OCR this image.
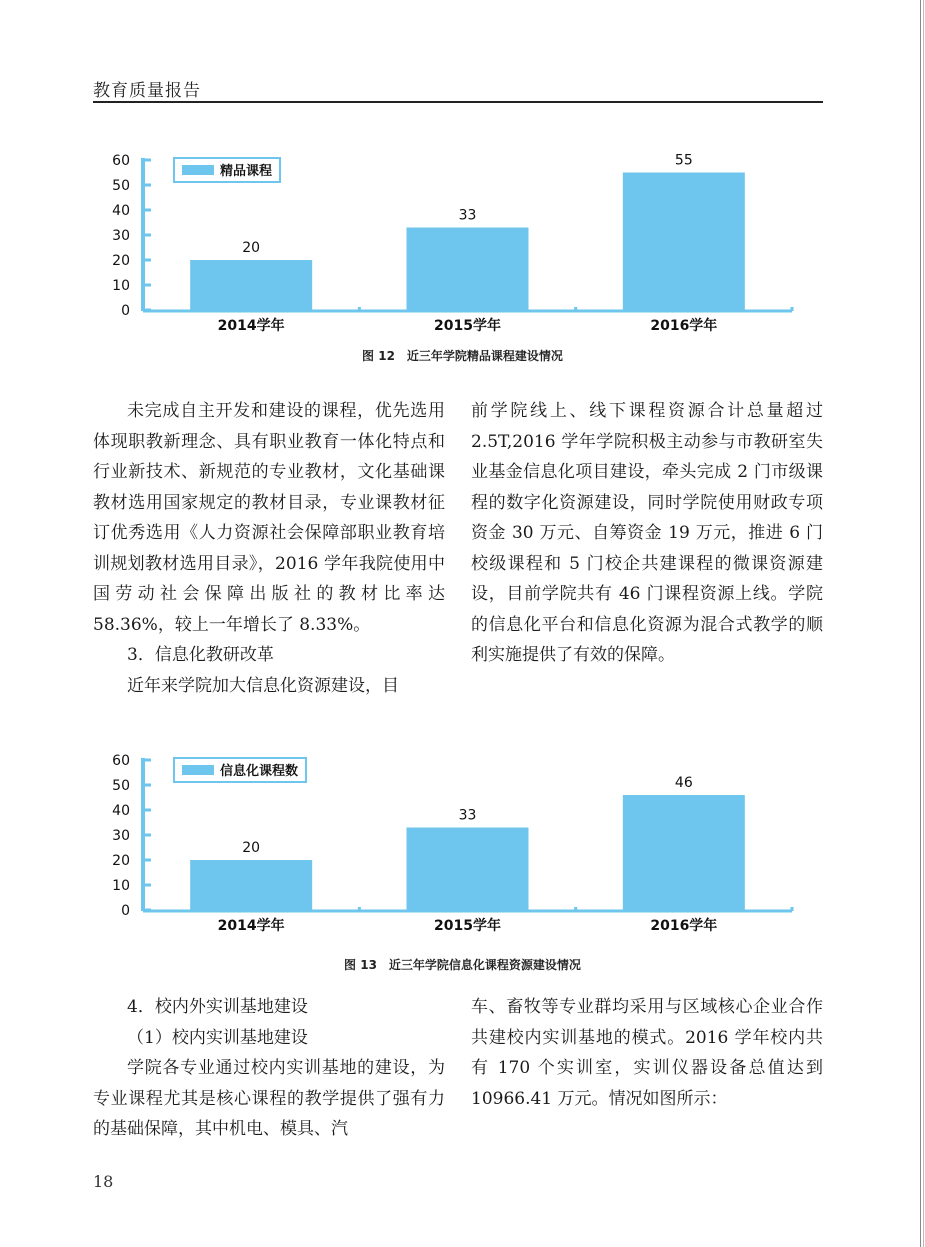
教育质量报告
0
10
20
30
40
50
60
20
2014学年
33
2015学年
55
2016学年
精品课程
图 12　近三年学院精品课程建设情况

未完成自主开发和建设的课程，优先选用体现职教新理念、具有职业教育一体化特点和行业新技术、新规范的专业教材，文化基础课教材选用国家规定的教材目录，专业课教材征订优秀选用《人力资源社会保障部职业教育培训规划教材选用目录》，2016 学年我院使用中国劳动社会保障出版社的教材比率达 58.36%，较上一年增长了 8.33%。

3．信息化教研改革

近年来学院加大信息化资源建设，目

前学院线上、线下课程资源合计总量超过 2.5T,2016 学年学院积极主动参与市教研室失业基金信息化项目建设，牵头完成 2 门市级课程的数字化资源建设，同时学院使用财政专项资金 30 万元、自筹资金 19 万元，推进 6 门校级课程和 5 门校企共建课程的微课资源建设，目前学院共有 46 门课程资源上线。学院的信息化平台和信息化资源为混合式教学的顺利实施提供了有效的保障。

0
10
20
30
40
50
60
20
2014学年
33
2015学年
46
2016学年
信息化课程数
图 13　近三年学院信息化课程资源建设情况

4．校内外实训基地建设

（1）校内实训基地建设

学院各专业通过校内实训基地的建设，为专业课程尤其是核心课程的教学提供了强有力的基础保障，其中机电、模具、汽

车、畜牧等专业群均采用与区域核心企业合作共建校内实训基地的模式。2016 学年校内共有 170 个实训室，实训仪器设备总值达到 10966.41 万元。情况如图所示：

18
